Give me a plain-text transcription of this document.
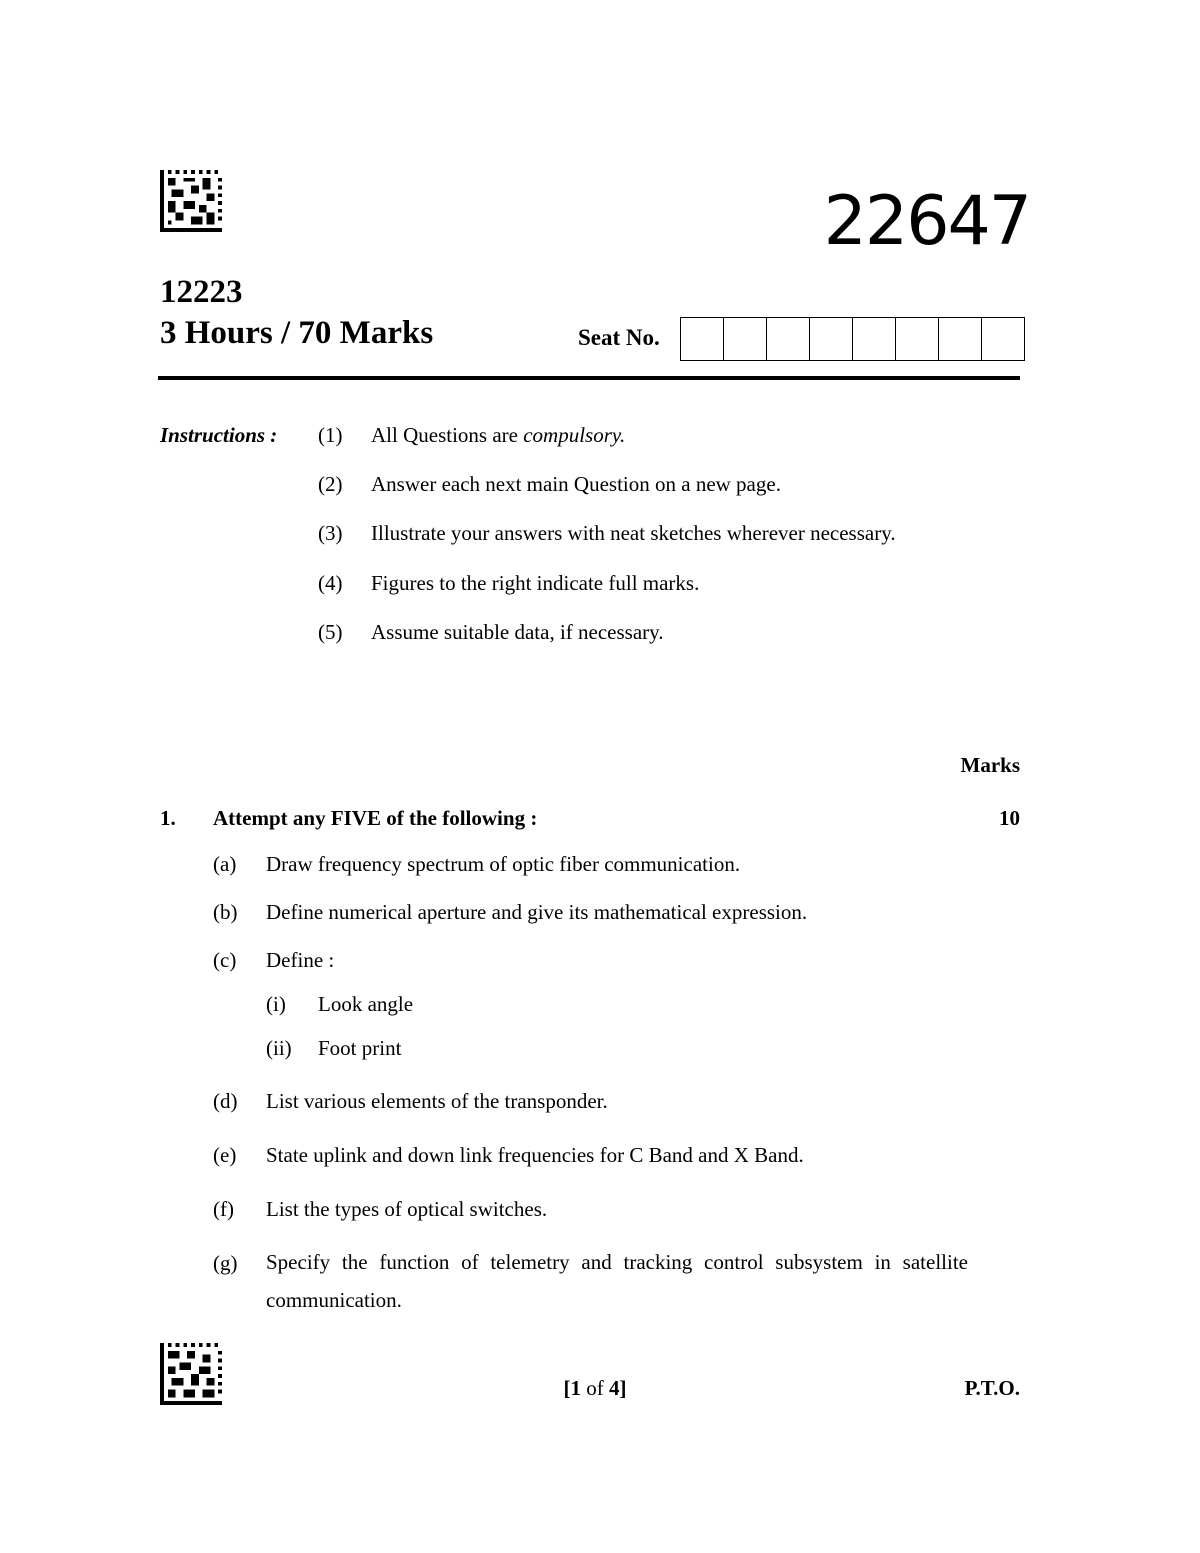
22647
12223
3 Hours / 70 Marks	Seat No.
Instructions : (1) All Questions are compulsory.
(2) Answer each next main Question on a new page.
(3) Illustrate your answers with neat sketches wherever necessary.
(4) Figures to the right indicate full marks.
(5) Assume suitable data, if necessary.
Marks
1. Attempt any FIVE of the following :	10
(a) Draw frequency spectrum of optic fiber communication.
(b) Define numerical aperture and give its mathematical expression.
(c) Define :
(i) Look angle
(ii) Foot print
(d) List various elements of the transponder.
(e) State uplink and down link frequencies for C Band and X Band.
(f) List the types of optical switches.
(g) Specify the function of telemetry and tracking control subsystem in satellite communication.
[1 of 4]	P.T.O.
